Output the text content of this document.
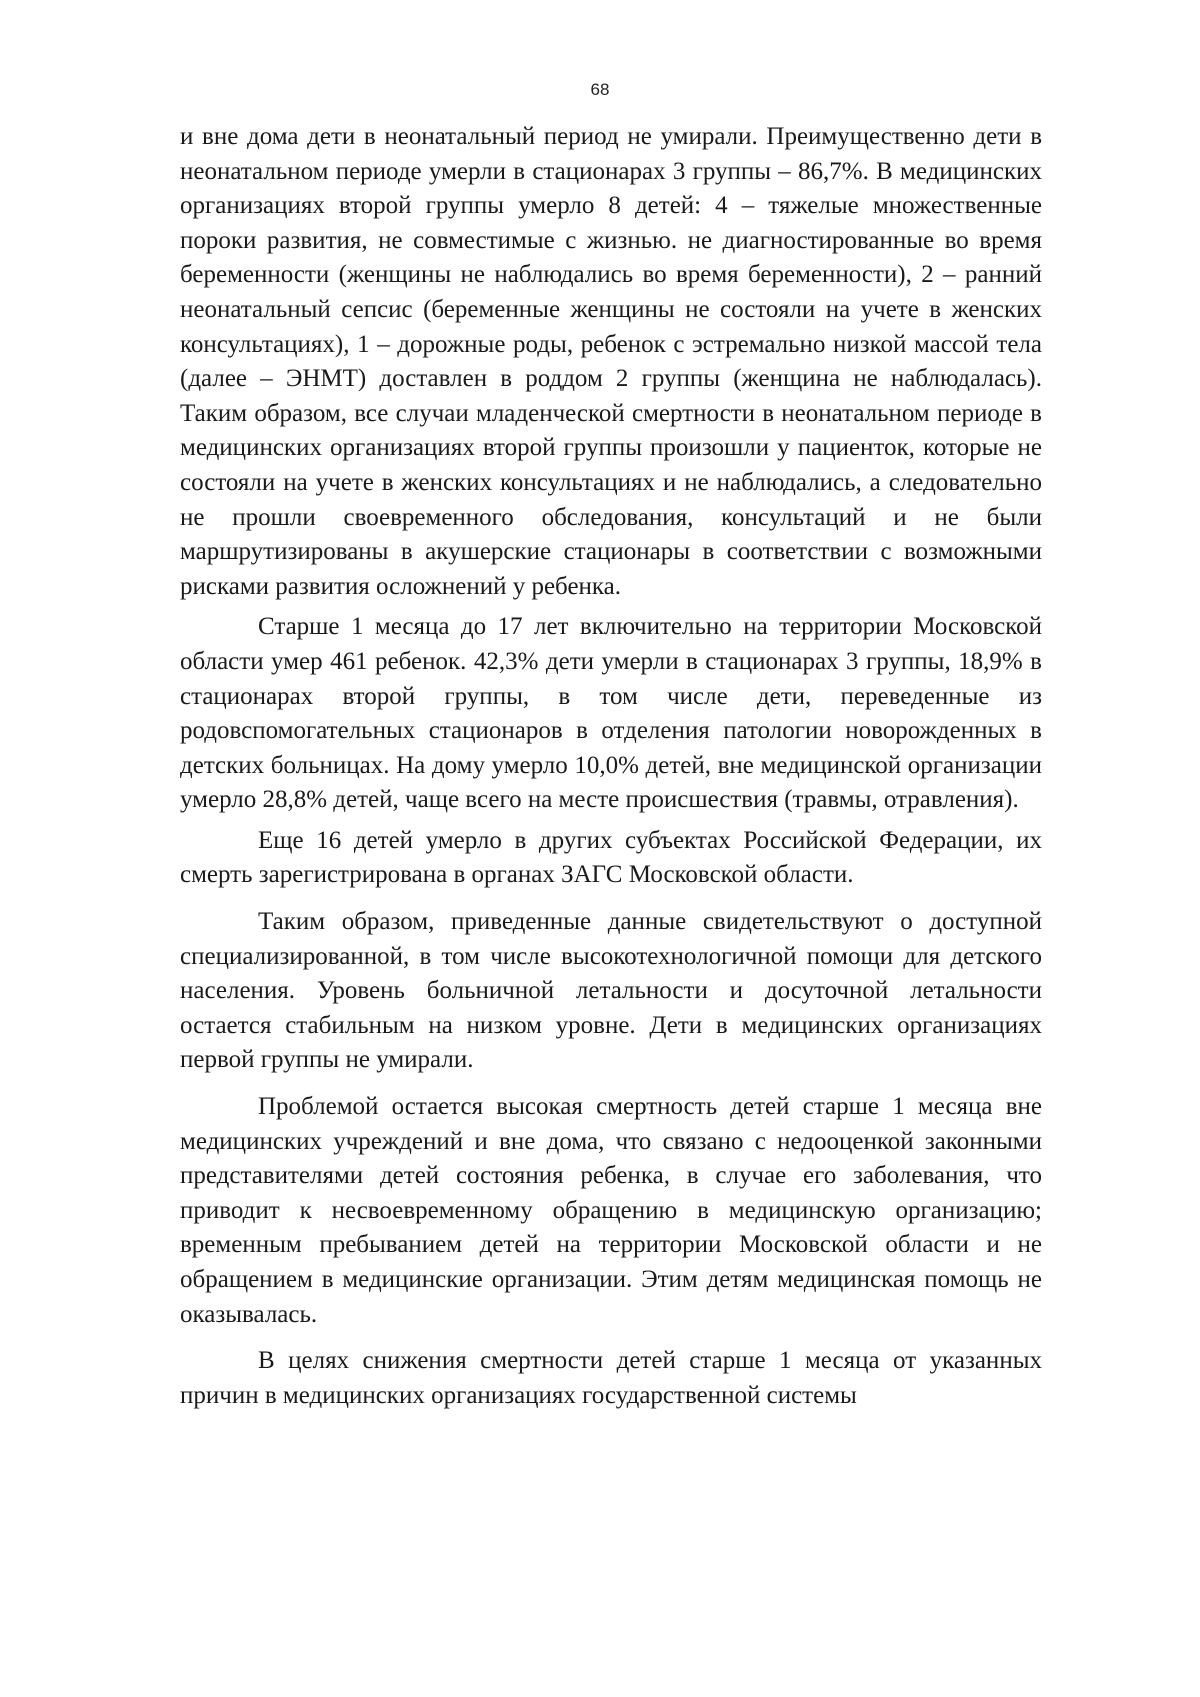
68

и вне дома дети в неонатальный период не умирали. Преимущественно дети в неонатальном периоде умерли в стационарах 3 группы – 86,7%. В медицинских организациях второй группы умерло 8 детей: 4 – тяжелые множественные пороки развития, не совместимые с жизнью. не диагностированные во время беременности (женщины не наблюдались во время беременности), 2 – ранний неонатальный сепсис (беременные женщины не состояли на учете в женских консультациях), 1 – дорожные роды, ребенок с эстремально низкой массой тела (далее – ЭНМТ) доставлен в роддом 2 группы (женщина не наблюдалась). Таким образом, все случаи младенческой смертности в неонатальном периоде в медицинских организациях второй группы произошли у пациенток, которые не состояли на учете в женских консультациях и не наблюдались, а следовательно не прошли своевременного обследования, консультаций и не были маршрутизированы в акушерские стационары в соответствии с возможными рисками развития осложнений у ребенка.

Старше 1 месяца до 17 лет включительно на территории Московской области умер 461 ребенок. 42,3% дети умерли в стационарах 3 группы, 18,9% в стационарах второй группы, в том числе дети, переведенные из родовспомогательных стационаров в отделения патологии новорожденных в детских больницах. На дому умерло 10,0% детей, вне медицинской организации умерло 28,8% детей, чаще всего на месте происшествия (травмы, отравления).

Еще 16 детей умерло в других субъектах Российской Федерации, их смерть зарегистрирована в органах ЗАГС Московской области.

Таким образом, приведенные данные свидетельствуют о доступной специализированной, в том числе высокотехнологичной помощи для детского населения. Уровень больничной летальности и досуточной летальности остается стабильным на низком уровне. Дети в медицинских организациях первой группы не умирали.

Проблемой остается высокая смертность детей старше 1 месяца вне медицинских учреждений и вне дома, что связано с недооценкой законными представителями детей состояния ребенка, в случае его заболевания, что приводит к несвоевременному обращению в медицинскую организацию; временным пребыванием детей на территории Московской области и не обращением в медицинские организации. Этим детям медицинская помощь не оказывалась.

В целях снижения смертности детей старше 1 месяца от указанных причин в медицинских организациях государственной системы
